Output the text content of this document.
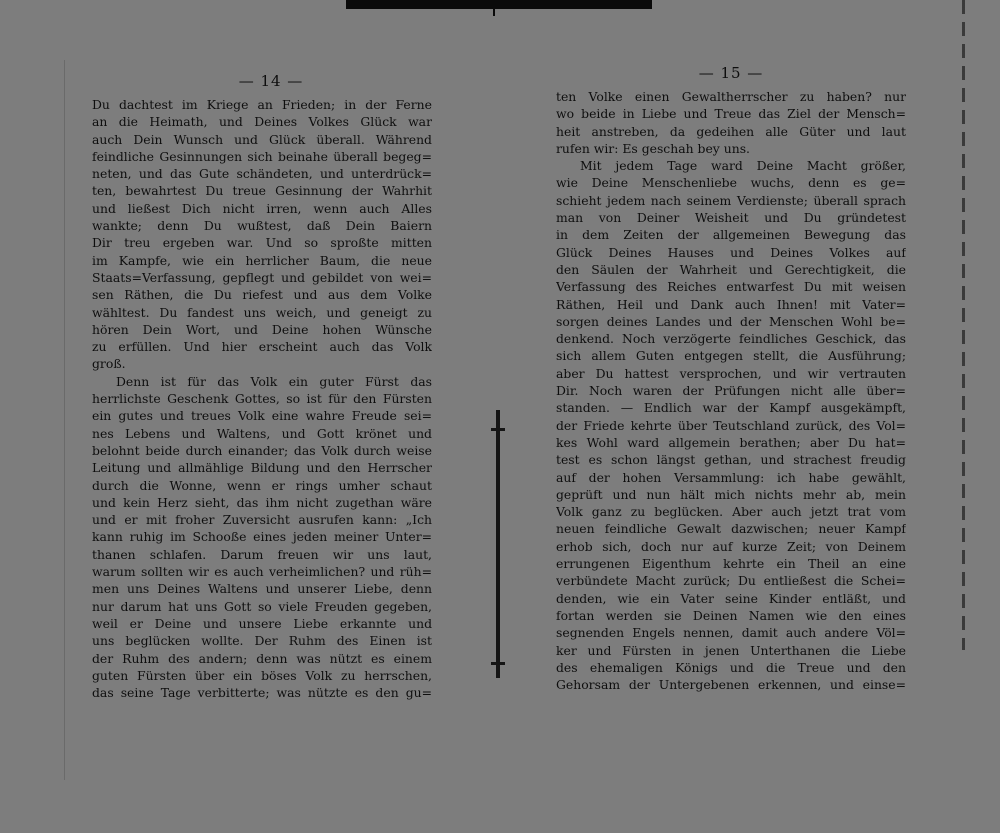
— 14 —
Du dachtest im Kriege an Frieden; in der Ferne
an die Heimath, und Deines Volkes Glück war
auch Dein Wunsch und Glück überall. Während
feindliche Gesinnungen sich beinahe überall begeg=
neten, und das Gute schändeten, und unterdrück=
ten, bewahrtest Du treue Gesinnung der Wahrhit
und ließest Dich nicht irren, wenn auch Alles
wankte; denn Du wußtest, daß Dein Baiern
Dir treu ergeben war. Und so sproßte mitten
im Kampfe, wie ein herrlicher Baum, die neue
Staats=Verfassung, gepflegt und gebildet von wei=
sen Räthen, die Du riefest und aus dem Volke
wähltest. Du fandest uns weich, und geneigt zu
hören Dein Wort, und Deine hohen Wünsche
zu erfüllen. Und hier erscheint auch das Volk
groß.
Denn ist für das Volk ein guter Fürst das
herrlichste Geschenk Gottes, so ist für den Fürsten
ein gutes und treues Volk eine wahre Freude sei=
nes Lebens und Waltens, und Gott krönet und
belohnt beide durch einander; das Volk durch weise
Leitung und allmählige Bildung und den Herrscher
durch die Wonne, wenn er rings umher schaut
und kein Herz sieht, das ihm nicht zugethan wäre
und er mit froher Zuversicht ausrufen kann: „Ich
kann ruhig im Schooße eines jeden meiner Unter=
thanen schlafen. Darum freuen wir uns laut,
warum sollten wir es auch verheimlichen? und rüh=
men uns Deines Waltens und unserer Liebe, denn
nur darum hat uns Gott so viele Freuden gegeben,
weil er Deine und unsere Liebe erkannte und
uns beglücken wollte. Der Ruhm des Einen ist
der Ruhm des andern; denn was nützt es einem
guten Fürsten über ein böses Volk zu herrschen,
das seine Tage verbitterte; was nützte es den gu=
— 15 —
ten Volke einen Gewaltherrscher zu haben? nur
wo beide in Liebe und Treue das Ziel der Mensch=
heit anstreben, da gedeihen alle Güter und laut
rufen wir: Es geschah bey uns.
Mit jedem Tage ward Deine Macht größer,
wie Deine Menschenliebe wuchs, denn es ge=
schieht jedem nach seinem Verdienste; überall sprach
man von Deiner Weisheit und Du gründetest
in dem Zeiten der allgemeinen Bewegung das
Glück Deines Hauses und Deines Volkes auf
den Säulen der Wahrheit und Gerechtigkeit, die
Verfassung des Reiches entwarfest Du mit weisen
Räthen, Heil und Dank auch Ihnen! mit Vater=
sorgen deines Landes und der Menschen Wohl be=
denkend. Noch verzögerte feindliches Geschick, das
sich allem Guten entgegen stellt, die Ausführung;
aber Du hattest versprochen, und wir vertrauten
Dir. Noch waren der Prüfungen nicht alle über=
standen. — Endlich war der Kampf ausgekämpft,
der Friede kehrte über Teutschland zurück, des Vol=
kes Wohl ward allgemein berathen; aber Du hat=
test es schon längst gethan, und strachest freudig
auf der hohen Versammlung: ich habe gewählt,
geprüft und nun hält mich nichts mehr ab, mein
Volk ganz zu beglücken. Aber auch jetzt trat vom
neuen feindliche Gewalt dazwischen; neuer Kampf
erhob sich, doch nur auf kurze Zeit; von Deinem
errungenen Eigenthum kehrte ein Theil an eine
verbündete Macht zurück; Du entließest die Schei=
denden, wie ein Vater seine Kinder entläßt, und
fortan werden sie Deinen Namen wie den eines
segnenden Engels nennen, damit auch andere Völ=
ker und Fürsten in jenen Unterthanen die Liebe
des ehemaligen Königs und die Treue und den
Gehorsam der Untergebenen erkennen, und einse=
